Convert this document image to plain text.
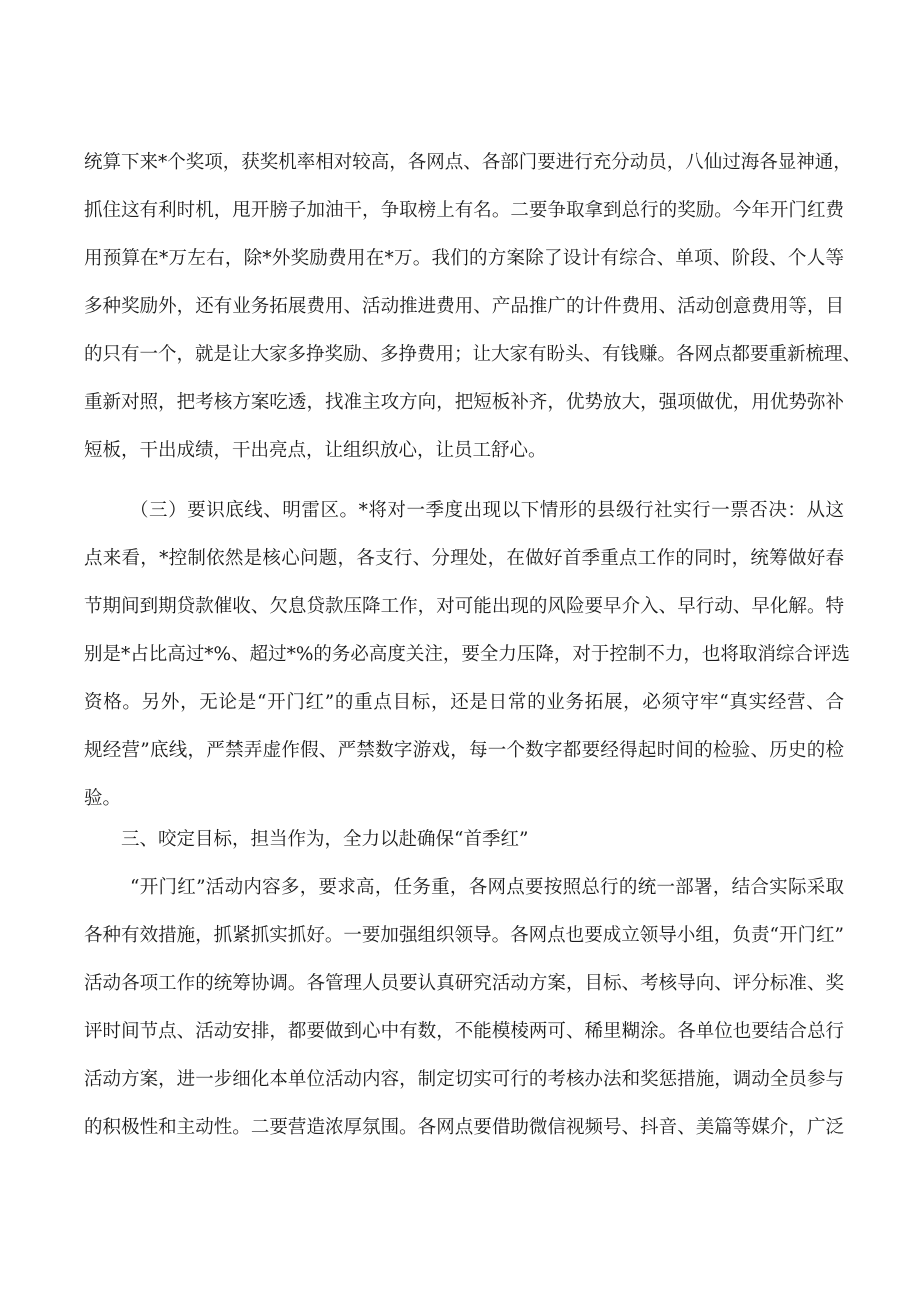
统算下来*个奖项，获奖机率相对较高，各网点、各部门要进行充分动员，八仙过海各显神通，
抓住这有利时机，甩开膀子加油干，争取榜上有名。二要争取拿到总行的奖励。今年开门红费
用预算在*万左右，除*外奖励费用在*万。我们的方案除了设计有综合、单项、阶段、个人等
多种奖励外，还有业务拓展费用、活动推进费用、产品推广的计件费用、活动创意费用等，目
的只有一个，就是让大家多挣奖励、多挣费用；让大家有盼头、有钱赚。各网点都要重新梳理、
重新对照，把考核方案吃透，找准主攻方向，把短板补齐，优势放大，强项做优，用优势弥补
短板，干出成绩，干出亮点，让组织放心，让员工舒心。
（三）要识底线、明雷区。*将对一季度出现以下情形的县级行社实行一票否决：从这
点来看，*控制依然是核心问题，各支行、分理处，在做好首季重点工作的同时，统筹做好春
节期间到期贷款催收、欠息贷款压降工作，对可能出现的风险要早介入、早行动、早化解。特
别是*占比高过*%、超过*%的务必高度关注，要全力压降，对于控制不力，也将取消综合评选
资格。另外，无论是“开门红”的重点目标，还是日常的业务拓展，必须守牢“真实经营、合
规经营”底线，严禁弄虚作假、严禁数字游戏，每一个数字都要经得起时间的检验、历史的检
验。
三、咬定目标，担当作为，全力以赴确保“首季红”
“开门红”活动内容多，要求高，任务重，各网点要按照总行的统一部署，结合实际采取
各种有效措施，抓紧抓实抓好。一要加强组织领导。各网点也要成立领导小组，负责“开门红”
活动各项工作的统筹协调。各管理人员要认真研究活动方案，目标、考核导向、评分标准、奖
评时间节点、活动安排，都要做到心中有数，不能模棱两可、稀里糊涂。各单位也要结合总行
活动方案，进一步细化本单位活动内容，制定切实可行的考核办法和奖惩措施，调动全员参与
的积极性和主动性。二要营造浓厚氛围。各网点要借助微信视频号、抖音、美篇等媒介，广泛
